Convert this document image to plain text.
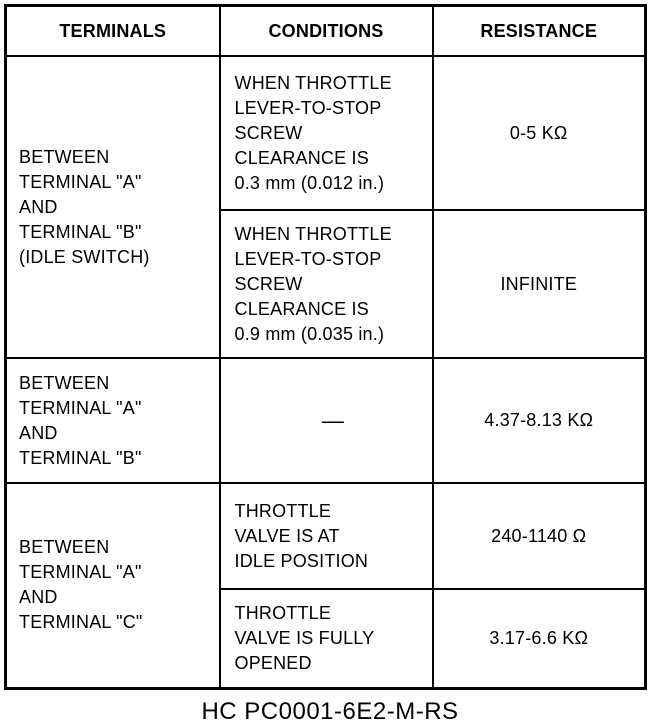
TERMINALS	CONDITIONS	RESISTANCE

BETWEEN
TERMINAL "A"
AND
TERMINAL "B"
(IDLE SWITCH)	WHEN THROTTLE
LEVER-TO-STOP
SCREW
CLEARANCE IS
0.3 mm (0.012 in.)	0-5 KΩ

	WHEN THROTTLE
LEVER-TO-STOP
SCREW
CLEARANCE IS
0.9 mm (0.035 in.)	INFINITE

BETWEEN
TERMINAL "A"
AND
TERMINAL "B"	—	4.37-8.13 KΩ

BETWEEN
TERMINAL "A"
AND
TERMINAL "C"	THROTTLE
VALVE IS AT
IDLE POSITION	240-1140 Ω

	THROTTLE
VALVE IS FULLY
OPENED	3.17-6.6 KΩ
HC PC0001-6E2-M-RS
